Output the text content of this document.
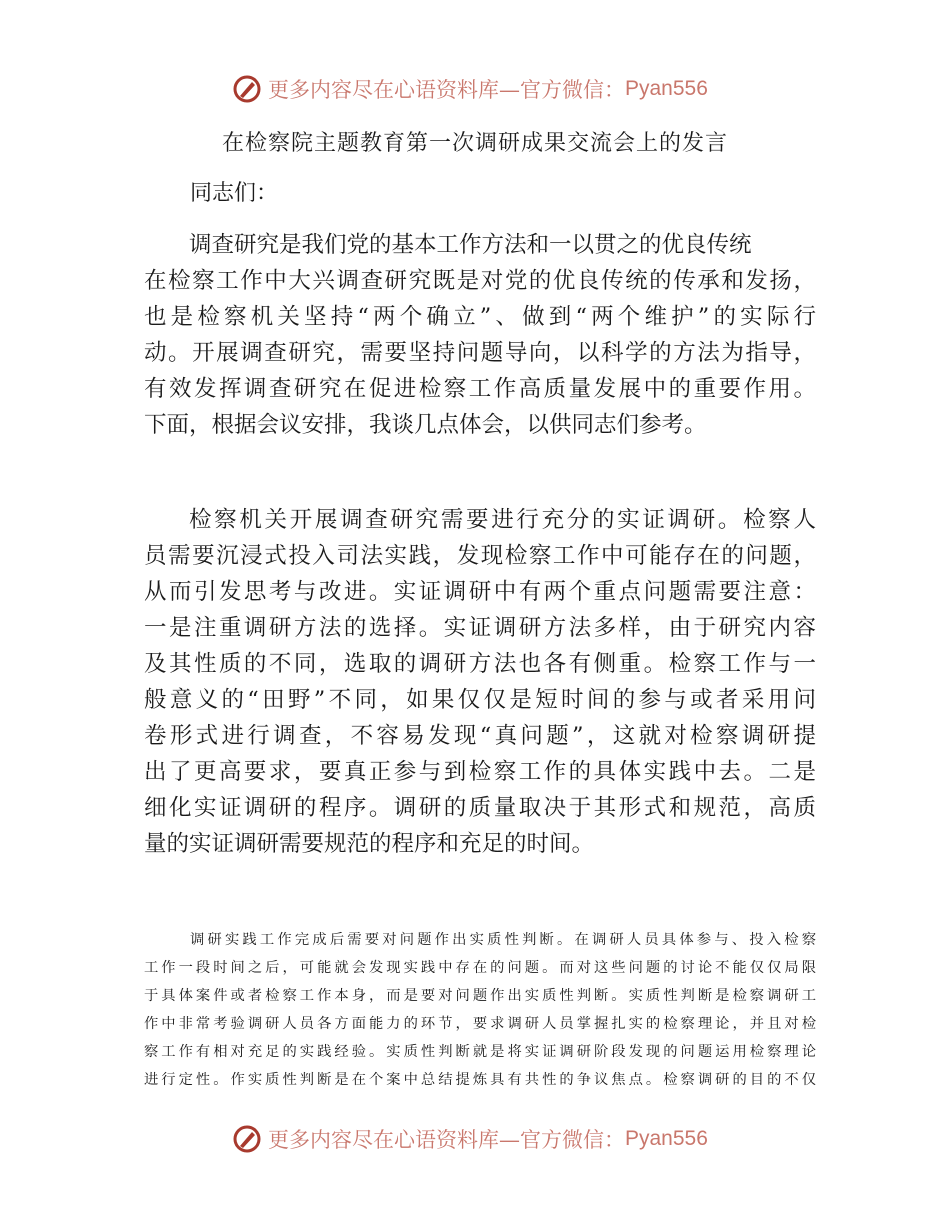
更多内容尽在心语资料库— 官方微信： Pyan556
在检察院主题教育第一次调研成果交流会上的发言
同志们：
调查研究是我们党的基本工作方法和一以贯之的优良传统
在检察工作中大兴调查研究既是对党的优良传统的传承和发扬，
也是检察机关坚持“两个确立”、做到“两个维护”的实际行
动。开展调查研究，需要坚持问题导向，以科学的方法为指导，
有效发挥调查研究在促进检察工作高质量发展中的重要作用。
下面，根据会议安排，我谈几点体会，以供同志们参考。
检察机关开展调查研究需要进行充分的实证调研。检察人
员需要沉浸式投入司法实践，发现检察工作中可能存在的问题，
从而引发思考与改进。实证调研中有两个重点问题需要注意：
一是注重调研方法的选择。实证调研方法多样，由于研究内容
及其性质的不同，选取的调研方法也各有侧重。检察工作与一
般意义的“田野”不同，如果仅仅是短时间的参与或者采用问
卷形式进行调查，不容易发现“真问题”，这就对检察调研提
出了更高要求，要真正参与到检察工作的具体实践中去。二是
细化实证调研的程序。调研的质量取决于其形式和规范，高质
量的实证调研需要规范的程序和充足的时间。
调研实践工作完成后需要对问题作出实质性判断。在调研人员具体参与、投入检察
工作一段时间之后，可能就会发现实践中存在的问题。而对这些问题的讨论不能仅仅局限
于具体案件或者检察工作本身，而是要对问题作出实质性判断。实质性判断是检察调研工
作中非常考验调研人员各方面能力的环节，要求调研人员掌握扎实的检察理论，并且对检
察工作有相对充足的实践经验。实质性判断就是将实证调研阶段发现的问题运用检察理论
进行定性。作实质性判断是在个案中总结提炼具有共性的争议焦点。检察调研的目的不仅
更多内容尽在心语资料库— 官方微信： Pyan556
